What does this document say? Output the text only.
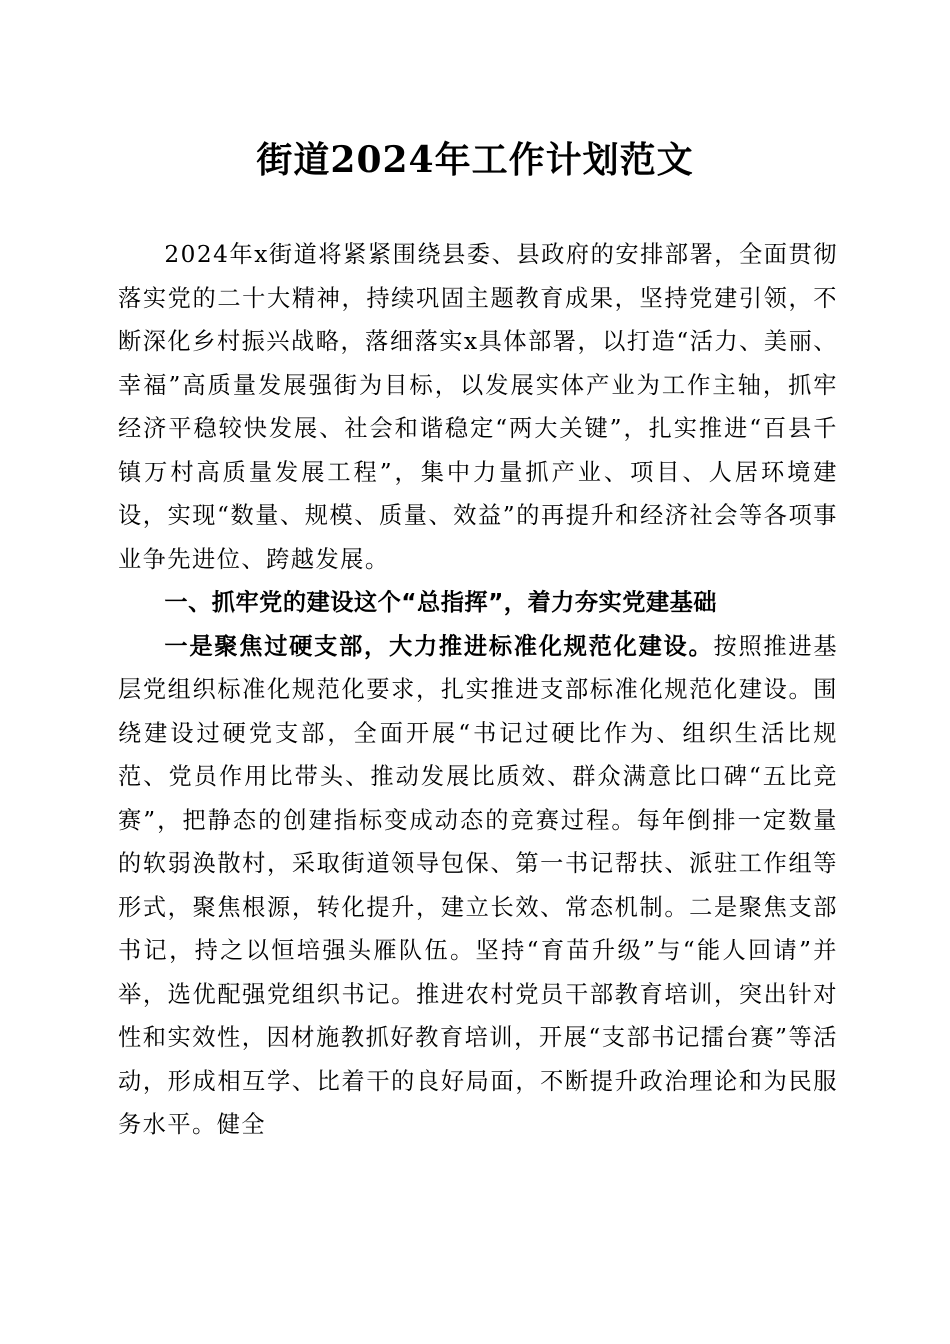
街道2024年工作计划范文

2024年x街道将紧紧围绕县委、县政府的安排部署，全面贯彻落实党的二十大精神，持续巩固主题教育成果，坚持党建引领，不断深化乡村振兴战略，落细落实x具体部署，以打造“活力、美丽、幸福”高质量发展强街为目标，以发展实体产业为工作主轴，抓牢经济平稳较快发展、社会和谐稳定“两大关键”，扎实推进“百县千镇万村高质量发展工程”，集中力量抓产业、项目、人居环境建设，实现“数量、规模、质量、效益”的再提升和经济社会等各项事业争先进位、跨越发展。

一、抓牢党的建设这个“总指挥”，着力夯实党建基础

一是聚焦过硬支部，大力推进标准化规范化建设。按照推进基层党组织标准化规范化要求，扎实推进支部标准化规范化建设。围绕建设过硬党支部，全面开展“书记过硬比作为、组织生活比规范、党员作用比带头、推动发展比质效、群众满意比口碑“五比竞赛”，把静态的创建指标变成动态的竞赛过程。每年倒排一定数量的软弱涣散村，采取街道领导包保、第一书记帮扶、派驻工作组等形式，聚焦根源，转化提升，建立长效、常态机制。二是聚焦支部书记，持之以恒培强头雁队伍。坚持“育苗升级”与“能人回请”并举，选优配强党组织书记。推进农村党员干部教育培训，突出针对性和实效性，因材施教抓好教育培训，开展“支部书记擂台赛”等活动，形成相互学、比着干的良好局面，不断提升政治理论和为民服务水平。健全
